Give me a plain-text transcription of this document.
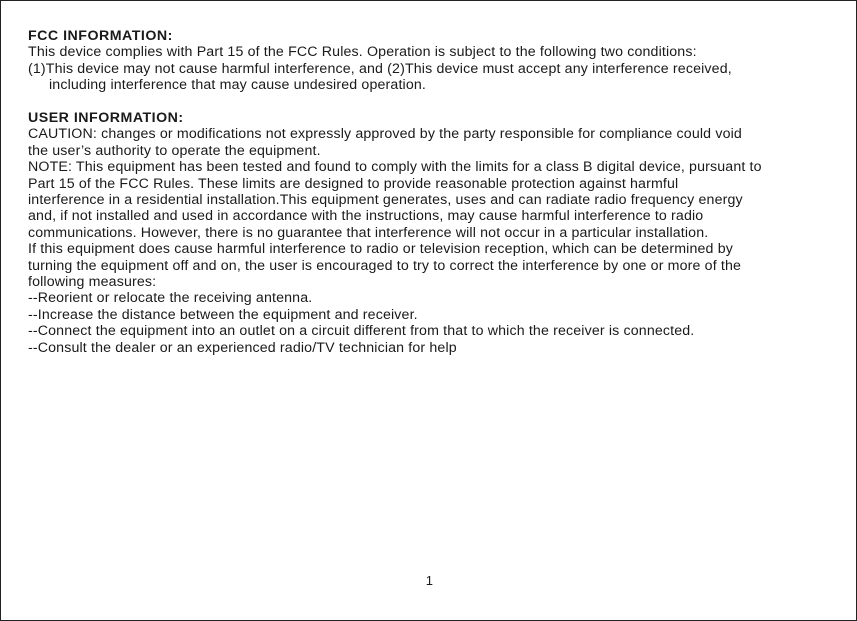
FCC INFORMATION:
This device complies with Part 15 of the FCC Rules. Operation is subject to the following two conditions:
(1)This device may not cause harmful interference, and (2)This device must accept any interference received,
including interference that may cause undesired operation.
USER INFORMATION:
CAUTION: changes or modifications not expressly approved by the party responsible for compliance could void
the user’s authority to operate the equipment.
NOTE: This equipment has been tested and found to comply with the limits for a class B digital device, pursuant to
Part 15 of the FCC Rules. These limits are designed to provide reasonable protection against harmful
interference in a residential installation.This equipment generates, uses and can radiate radio frequency energy
and, if not installed and used in accordance with the instructions, may cause harmful interference to radio
communications. However, there is no guarantee that interference will not occur in a particular installation.
If this equipment does cause harmful interference to radio or television reception, which can be determined by
turning the equipment off and on, the user is encouraged to try to correct the interference by one or more of the
following measures:
--Reorient or relocate the receiving antenna.
--Increase the distance between the equipment and receiver.
--Connect the equipment into an outlet on a circuit different from that to which the receiver is connected.
--Consult the dealer or an experienced radio/TV technician for help
1
